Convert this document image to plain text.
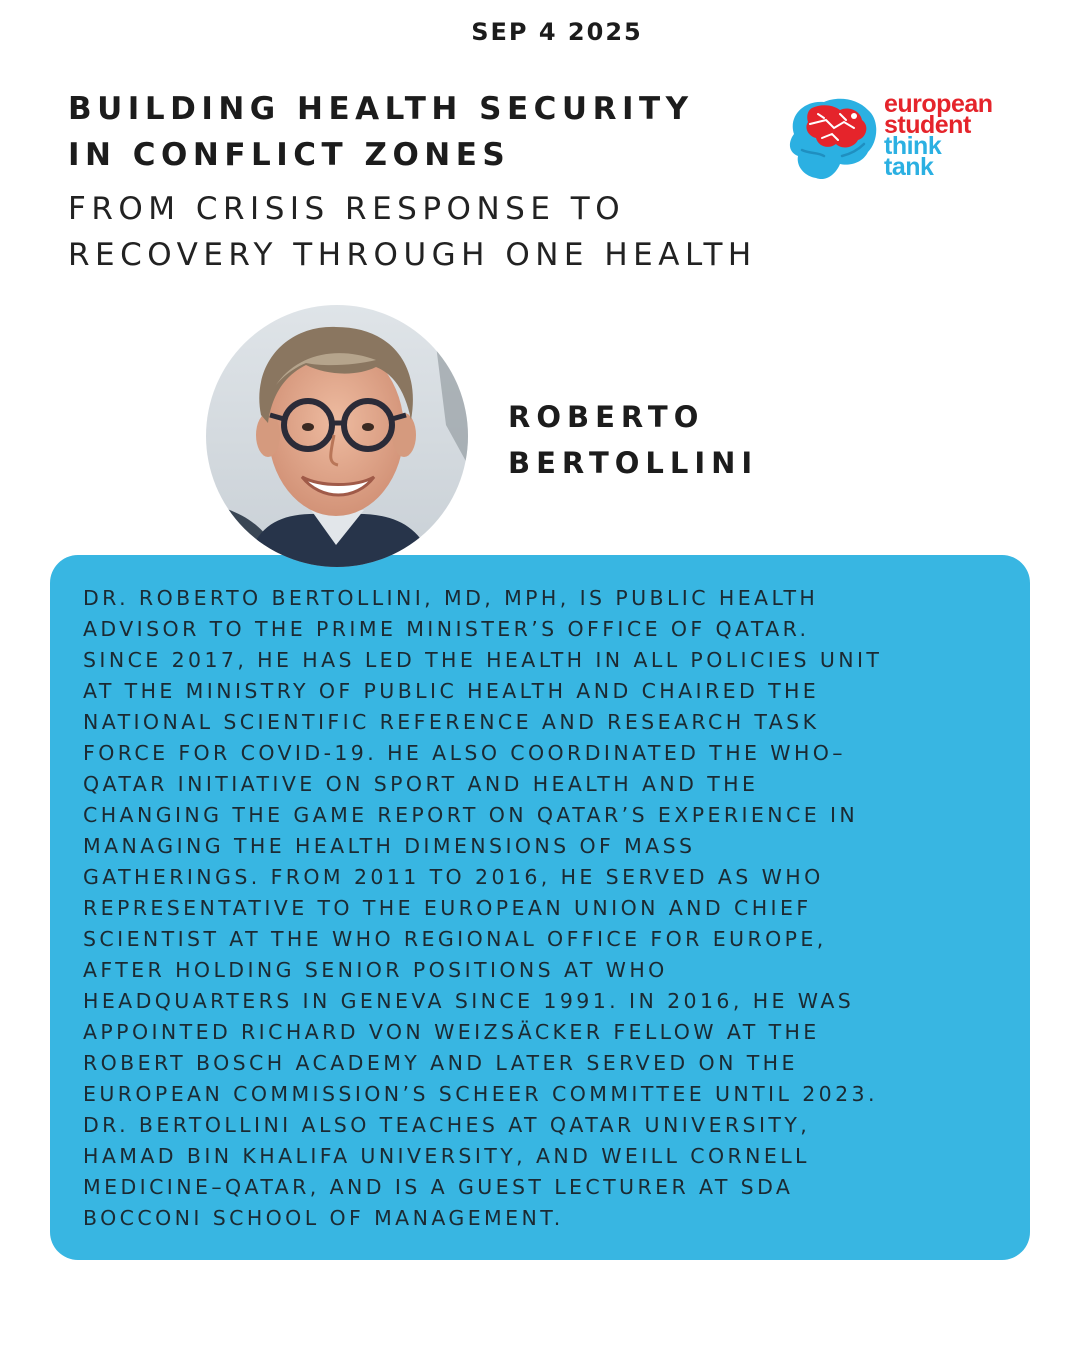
SEP 4 2025
BUILDING HEALTH SECURITY
IN CONFLICT ZONES
FROM CRISIS RESPONSE TO
RECOVERY THROUGH ONE HEALTH
european
student
think
tank
ROBERTO
BERTOLLINI

DR. ROBERTO BERTOLLINI, MD, MPH, IS PUBLIC HEALTH
ADVISOR TO THE PRIME MINISTER’S OFFICE OF QATAR.
SINCE 2017, HE HAS LED THE HEALTH IN ALL POLICIES UNIT
AT THE MINISTRY OF PUBLIC HEALTH AND CHAIRED THE
NATIONAL SCIENTIFIC REFERENCE AND RESEARCH TASK
FORCE FOR COVID-19. HE ALSO COORDINATED THE WHO–
QATAR INITIATIVE ON SPORT AND HEALTH AND THE
CHANGING THE GAME REPORT ON QATAR’S EXPERIENCE IN
MANAGING THE HEALTH DIMENSIONS OF MASS
GATHERINGS. FROM 2011 TO 2016, HE SERVED AS WHO
REPRESENTATIVE TO THE EUROPEAN UNION AND CHIEF
SCIENTIST AT THE WHO REGIONAL OFFICE FOR EUROPE,
AFTER HOLDING SENIOR POSITIONS AT WHO
HEADQUARTERS IN GENEVA SINCE 1991. IN 2016, HE WAS
APPOINTED RICHARD VON WEIZSÄCKER FELLOW AT THE
ROBERT BOSCH ACADEMY AND LATER SERVED ON THE
EUROPEAN COMMISSION’S SCHEER COMMITTEE UNTIL 2023.
DR. BERTOLLINI ALSO TEACHES AT QATAR UNIVERSITY,
HAMAD BIN KHALIFA UNIVERSITY, AND WEILL CORNELL
MEDICINE–QATAR, AND IS A GUEST LECTURER AT SDA
BOCCONI SCHOOL OF MANAGEMENT.
